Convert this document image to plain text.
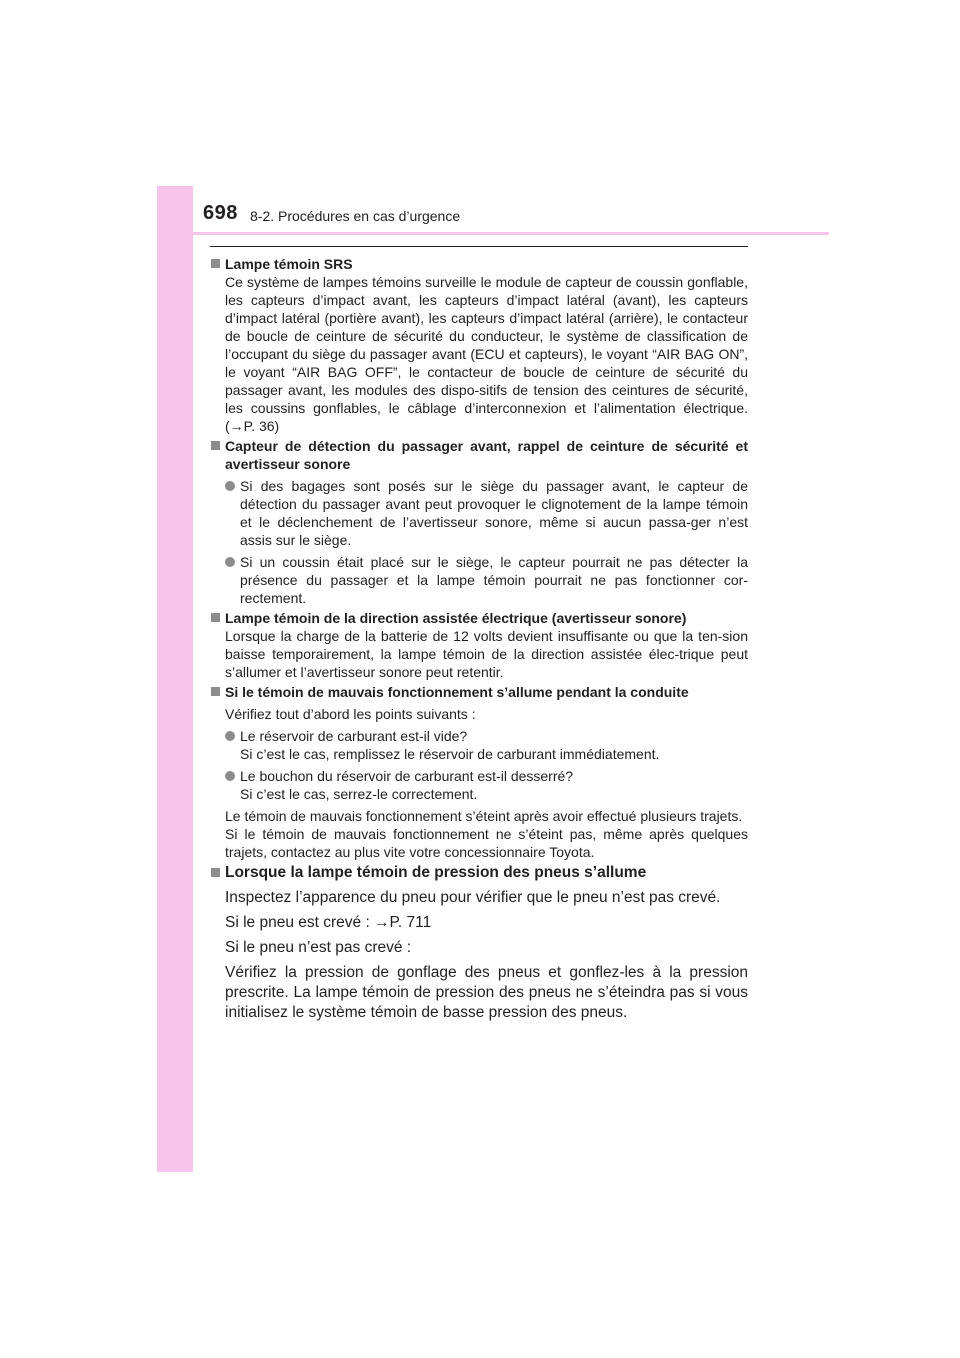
698 8-2. Procédures en cas d’urgence
Lampe témoin SRS
Ce système de lampes témoins surveille le module de capteur de coussin gonflable, les capteurs d’impact avant, les capteurs d’impact latéral (avant), les capteurs d’impact latéral (portière avant), les capteurs d’impact latéral (arrière), le contacteur de boucle de ceinture de sécurité du conducteur, le système de classification de l’occupant du siège du passager avant (ECU et capteurs), le voyant “AIR BAG ON”, le voyant “AIR BAG OFF”, le contacteur de boucle de ceinture de sécurité du passager avant, les modules des dispo-sitifs de tension des ceintures de sécurité, les coussins gonflables, le câblage d’interconnexion et l’alimentation électrique. (→P. 36)
Capteur de détection du passager avant, rappel de ceinture de sécurité et avertisseur sonore
Si des bagages sont posés sur le siège du passager avant, le capteur de détection du passager avant peut provoquer le clignotement de la lampe témoin et le déclenchement de l’avertisseur sonore, même si aucun passa-ger n’est assis sur le siège.
Si un coussin était placé sur le siège, le capteur pourrait ne pas détecter la présence du passager et la lampe témoin pourrait ne pas fonctionner cor-rectement.
Lampe témoin de la direction assistée électrique (avertisseur sonore)
Lorsque la charge de la batterie de 12 volts devient insuffisante ou que la ten-sion baisse temporairement, la lampe témoin de la direction assistée élec-trique peut s’allumer et l’avertisseur sonore peut retentir.
Si le témoin de mauvais fonctionnement s’allume pendant la conduite
Vérifiez tout d’abord les points suivants :
Le réservoir de carburant est-il vide?
Si c’est le cas, remplissez le réservoir de carburant immédiatement.
Le bouchon du réservoir de carburant est-il desserré?
Si c’est le cas, serrez-le correctement.
Le témoin de mauvais fonctionnement s’éteint après avoir effectué plusieurs trajets.
Si le témoin de mauvais fonctionnement ne s’éteint pas, même après quelques trajets, contactez au plus vite votre concessionnaire Toyota.
Lorsque la lampe témoin de pression des pneus s’allume
Inspectez l’apparence du pneu pour vérifier que le pneu n’est pas crevé.
Si le pneu est crevé : →P. 711
Si le pneu n’est pas crevé :
Vérifiez la pression de gonflage des pneus et gonflez-les à la pression prescrite. La lampe témoin de pression des pneus ne s’éteindra pas si vous initialisez le système témoin de basse pression des pneus.
